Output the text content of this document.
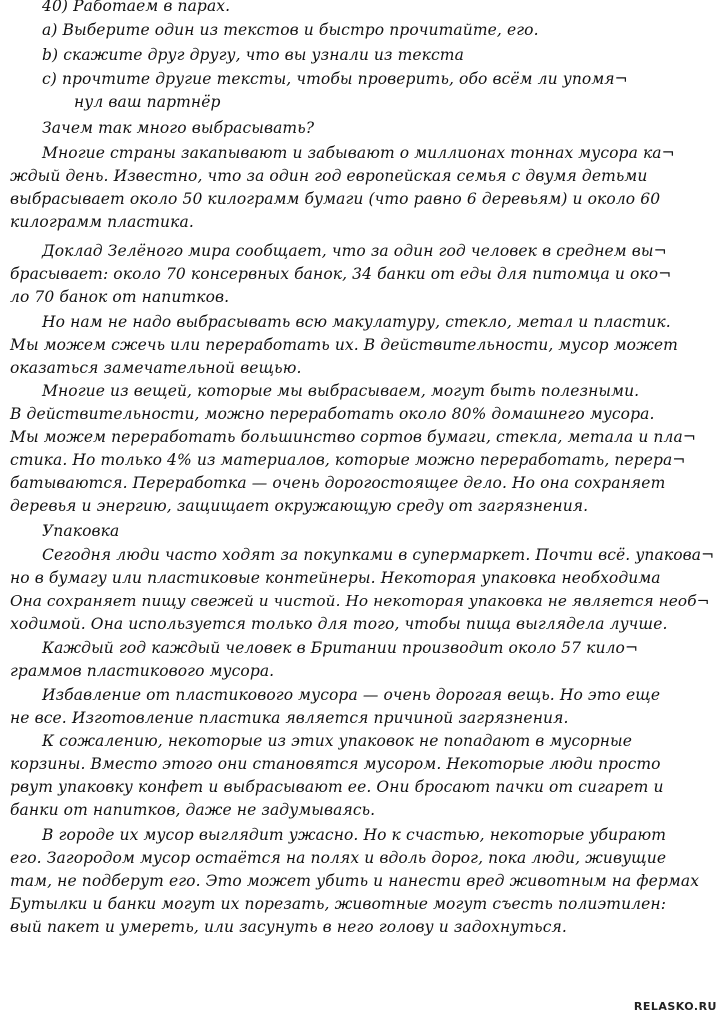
40) Работаем в парах.
a) Выберите один из текстов и быстро прочитайте, его.
b) скажите друг другу, что вы узнали из текста
c) прочтите другие тексты, чтобы проверить, обо всём ли упомя¬
нул ваш партнёр
Зачем так много выбрасывать?
Многие страны закапывают и забывают о миллионах тоннах мусора ка¬
ждый день. Известно, что за один год европейская семья с двумя детьми
выбрасывает около 50 килограмм бумаги (что равно 6 деревьям) и около 60
килограмм пластика.
Доклад Зелёного мира сообщает, что за один год человек в среднем вы¬
брасывает: около 70 консервных банок, 34 банки от еды для питомца и око¬
ло 70 банок от напитков.
Но нам не надо выбрасывать всю макулатуру, стекло, метал и пластик.
Мы можем сжечь или переработать их. В действительности, мусор может
оказаться замечательной вещью.
Многие из вещей, которые мы выбрасываем, могут быть полезными.
В действительности, можно переработать около 80% домашнего мусора.
Мы можем переработать большинство сортов бумаги, стекла, метала и пла¬
стика. Но только 4% из материалов, которые можно переработать, перера¬
батываются. Переработка — очень дорогостоящее дело. Но она сохраняет
деревья и энергию, защищает окружающую среду от загрязнения.
Упаковка
Сегодня люди часто ходят за покупками в супермаркет. Почти всё. упакова¬
но в бумагу или пластиковые контейнеры. Некоторая упаковка необходима
Она сохраняет пищу свежей и чистой. Но некоторая упаковка не является необ¬
ходимой. Она используется только для того, чтобы пища выглядела лучше.
Каждый год каждый человек в Британии производит около 57 кило¬
граммов пластикового мусора.
Избавление от пластикового мусора — очень дорогая вещь. Но это еще
не все. Изготовление пластика является причиной загрязнения.
К сожалению, некоторые из этих упаковок не попадают в мусорные
корзины. Вместо этого они становятся мусором. Некоторые люди просто
рвут упаковку конфет и выбрасывают ее. Они бросают пачки от сигарет и
банки от напитков, даже не задумываясь.
В городе их мусор выглядит ужасно. Но к счастью, некоторые убирают
его. Загородом мусор остаётся на полях и вдоль дорог, пока люди, живущие
там, не подберут его. Это может убить и нанести вред животным на фермах
Бутылки и банки могут их порезать, животные могут съесть полиэтилен:
вый пакет и умереть, или засунуть в него голову и задохнуться.
RELASKO.RU
